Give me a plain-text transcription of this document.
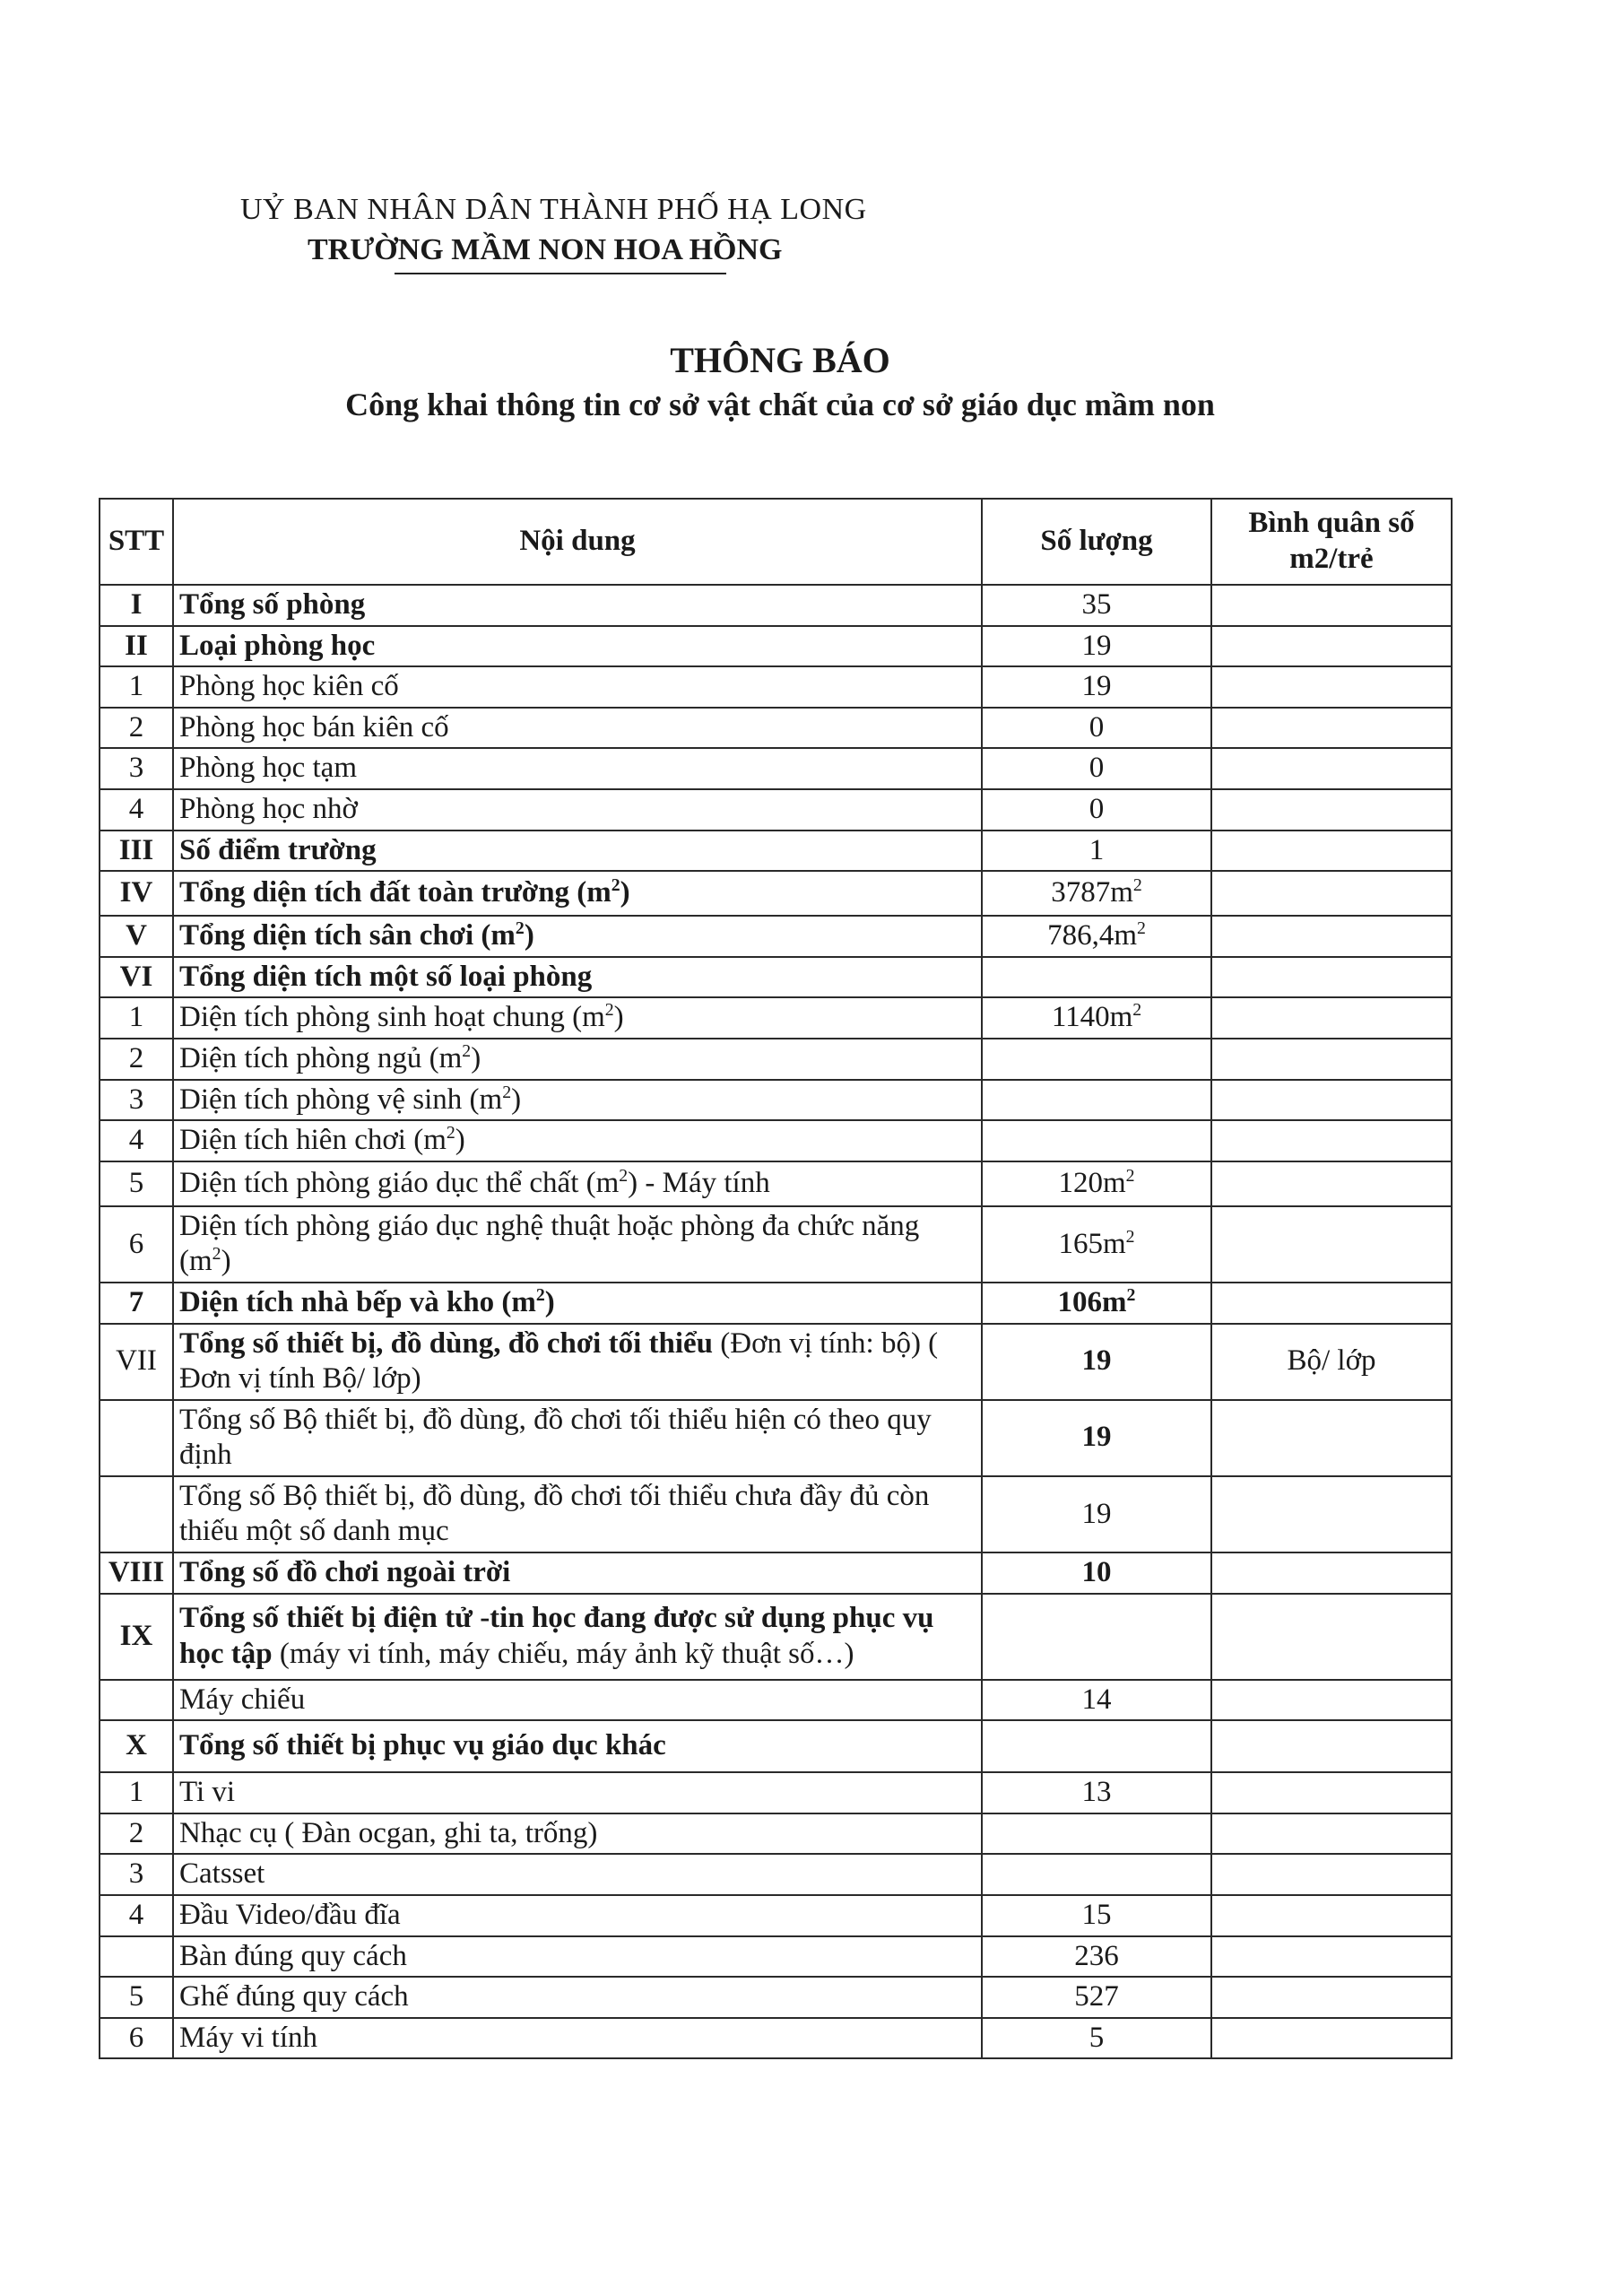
UỶ BAN NHÂN DÂN THÀNH PHỐ HẠ LONG
TRƯỜNG MẦM NON HOA HỒNG
THÔNG BÁO
Công khai thông tin cơ sở vật chất của cơ sở giáo dục mầm non
STT	Nội dung	Số lượng	Bình quân số m2/trẻ
I	Tổng số phòng	35	
II	Loại phòng học	19	
1	Phòng học kiên cố	19	
2	Phòng học bán kiên cố	0	
3	Phòng học tạm	0	
4	Phòng học nhờ	0	
III	Số điểm trường	1	
IV	Tổng diện tích đất toàn trường $(m^2)$	$3787m^2$	
V	Tổng diện tích sân chơi $(m^2)$	$786,4m^2$	
VI	Tổng diện tích một số loại phòng		
1	Diện tích phòng sinh hoạt chung $(m^2)$	$1140m^2$	
2	Diện tích phòng ngủ $(m^2)$		
3	Diện tích phòng vệ $\sinh (m^2)$		
4	Diện tích hiên chơi $(m^2)$		
5	Diện tích phòng giáo dục thể chất $(m^2)$ - Máy tính	$120m^2$	
6	Diện tích phòng giáo dục nghệ thuật hoặc phòng đa chức năng $(m^2)$	$165m^2$	
7	Diện tích nhà bếp và kho $(m^2)$	$106m^2$	
VII	Tổng số thiết bị, đồ dùng, đồ chơi tối thiểu (Đơn vị tính: bộ) ( Đơn vị tính Bộ/ lớp)	19	Bộ/ lớp
	Tổng số Bộ thiết bị, đồ dùng, đồ chơi tối thiểu hiện có theo quy định	19	
	Tổng số Bộ thiết bị, đồ dùng, đồ chơi tối thiểu chưa đầy đủ còn thiếu một số danh mục	19	
VIII	Tổng số đồ chơi ngoài trời	10	
IX	Tổng số thiết bị điện tử -tin học đang được sử dụng phục vụ học tập (máy vi tính, máy chiếu, máy ảnh kỹ thuật số…)		
	Máy chiếu	14	
X	Tổng số thiết bị phục vụ giáo dục khác		
1	Ti vi	13	
2	Nhạc cụ ( Đàn ocgan, ghi ta, trống)		
3	Catsset		
4	Đầu Video/đầu đĩa	15	
	Bàn đúng quy cách	236	
5	Ghế đúng quy cách	527	
6	Máy vi tính	5	
